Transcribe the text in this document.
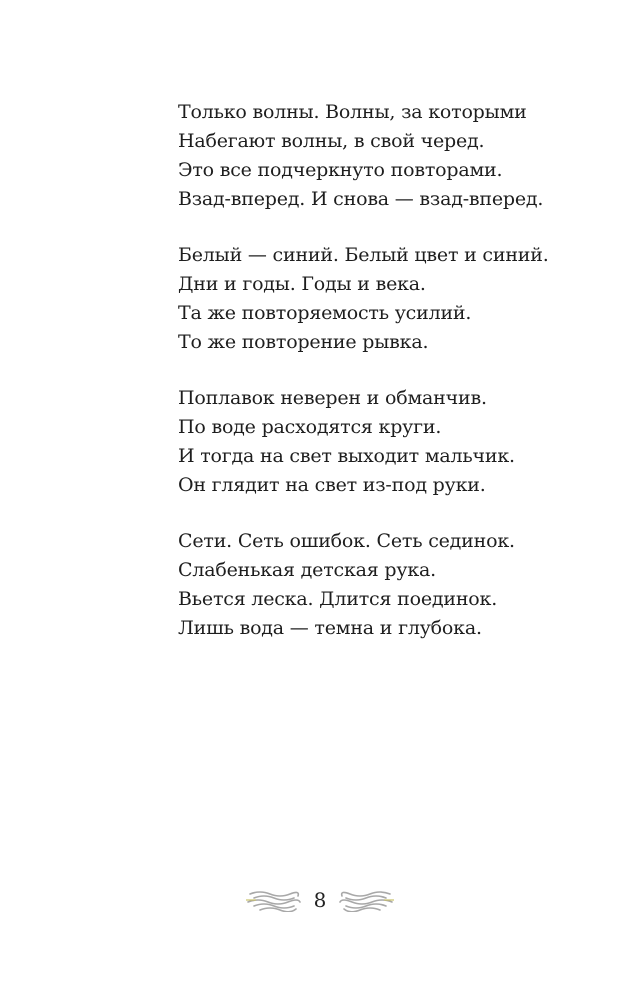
Только волны. Волны, за которыми
Набегают волны, в свой черед.
Это все подчеркнуто повторами.
Взад-вперед. И снова — взад-вперед.
Белый — синий. Белый цвет и синий.
Дни и годы. Годы и века.
Та же повторяемость усилий.
То же повторение рывка.
Поплавок неверен и обманчив.
По воде расходятся круги.
И тогда на свет выходит мальчик.
Он глядит на свет из-под руки.
Сети. Сеть ошибок. Сеть сединок.
Слабенькая детская рука.
Вьется леска. Длится поединок.
Лишь вода — темна и глубока.
8
